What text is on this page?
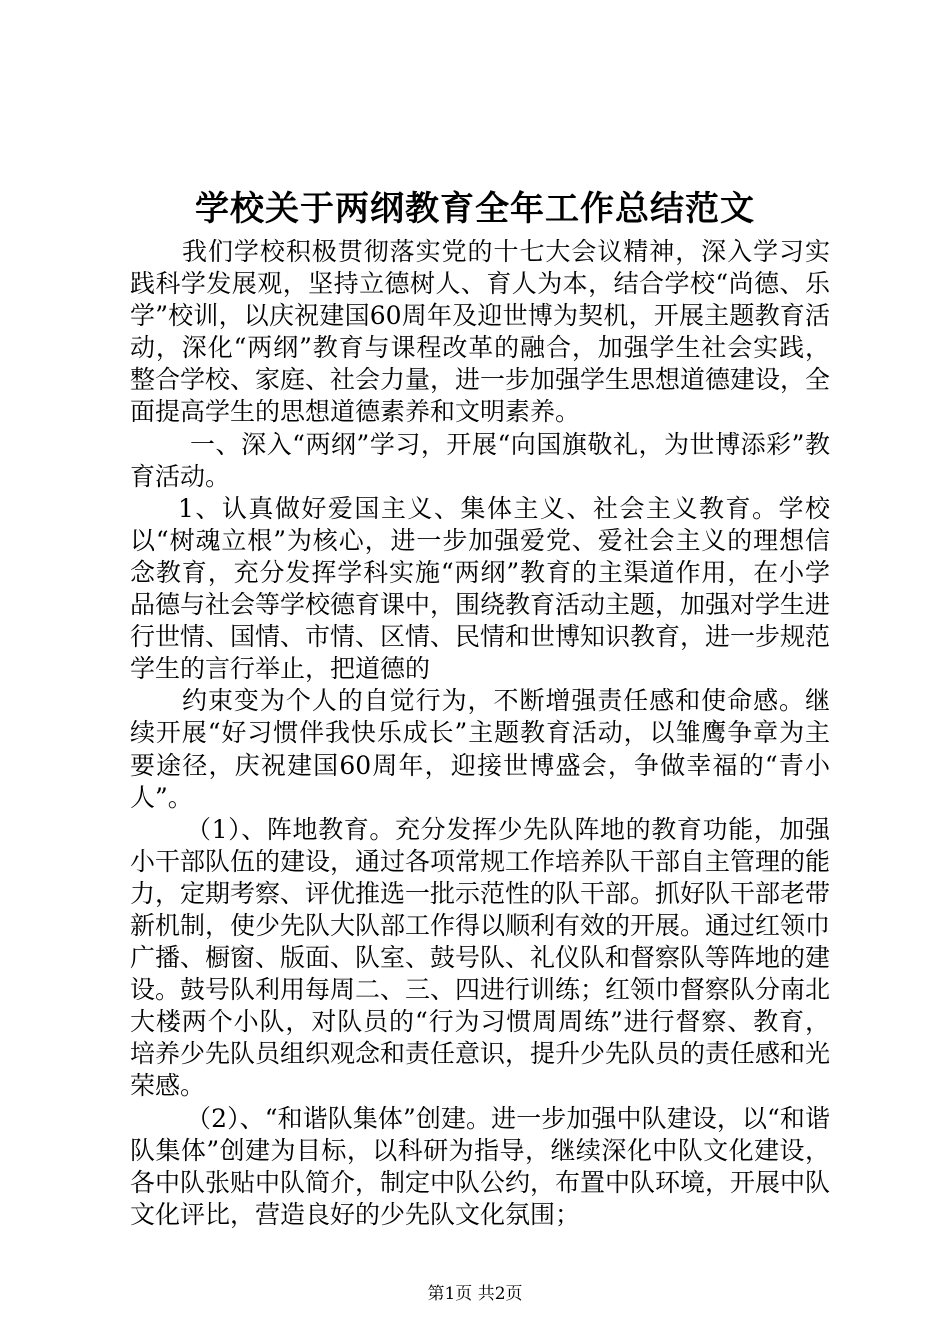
学校关于两纲教育全年工作总结范文

我们学校积极贯彻落实党的十七大会议精神，深入学习实践科学发展观，坚持立德树人、育人为本，结合学校“尚德、乐学”校训，以庆祝建国60周年及迎世博为契机，开展主题教育活动，深化“两纲”教育与课程改革的融合，加强学生社会实践，整合学校、家庭、社会力量，进一步加强学生思想道德建设，全面提高学生的思想道德素养和文明素养。

一、深入“两纲”学习，开展“向国旗敬礼，为世博添彩”教育活动。

1、认真做好爱国主义、集体主义、社会主义教育。学校以“树魂立根”为核心，进一步加强爱党、爱社会主义的理想信念教育，充分发挥学科实施“两纲”教育的主渠道作用，在小学品德与社会等学校德育课中，围绕教育活动主题，加强对学生进行世情、国情、市情、区情、民情和世博知识教育，进一步规范学生的言行举止，把道德的

约束变为个人的自觉行为，不断增强责任感和使命感。继续开展“好习惯伴我快乐成长”主题教育活动，以雏鹰争章为主要途径，庆祝建国60周年，迎接世博盛会，争做幸福的“青小人”。

（1）、阵地教育。充分发挥少先队阵地的教育功能，加强小干部队伍的建设，通过各项常规工作培养队干部自主管理的能力，定期考察、评优推选一批示范性的队干部。抓好队干部老带新机制，使少先队大队部工作得以顺利有效的开展。通过红领巾广播、橱窗、版面、队室、鼓号队、礼仪队和督察队等阵地的建设。鼓号队利用每周二、三、四进行训练；红领巾督察队分南北大楼两个小队，对队员的“行为习惯周周练”进行督察、教育，培养少先队员组织观念和责任意识，提升少先队员的责任感和光荣感。

（2）、“和谐队集体”创建。进一步加强中队建设，以“和谐队集体”创建为目标，以科研为指导，继续深化中队文化建设，各中队张贴中队简介，制定中队公约，布置中队环境，开展中队文化评比，营造良好的少先队文化氛围；

第1页 共2页
